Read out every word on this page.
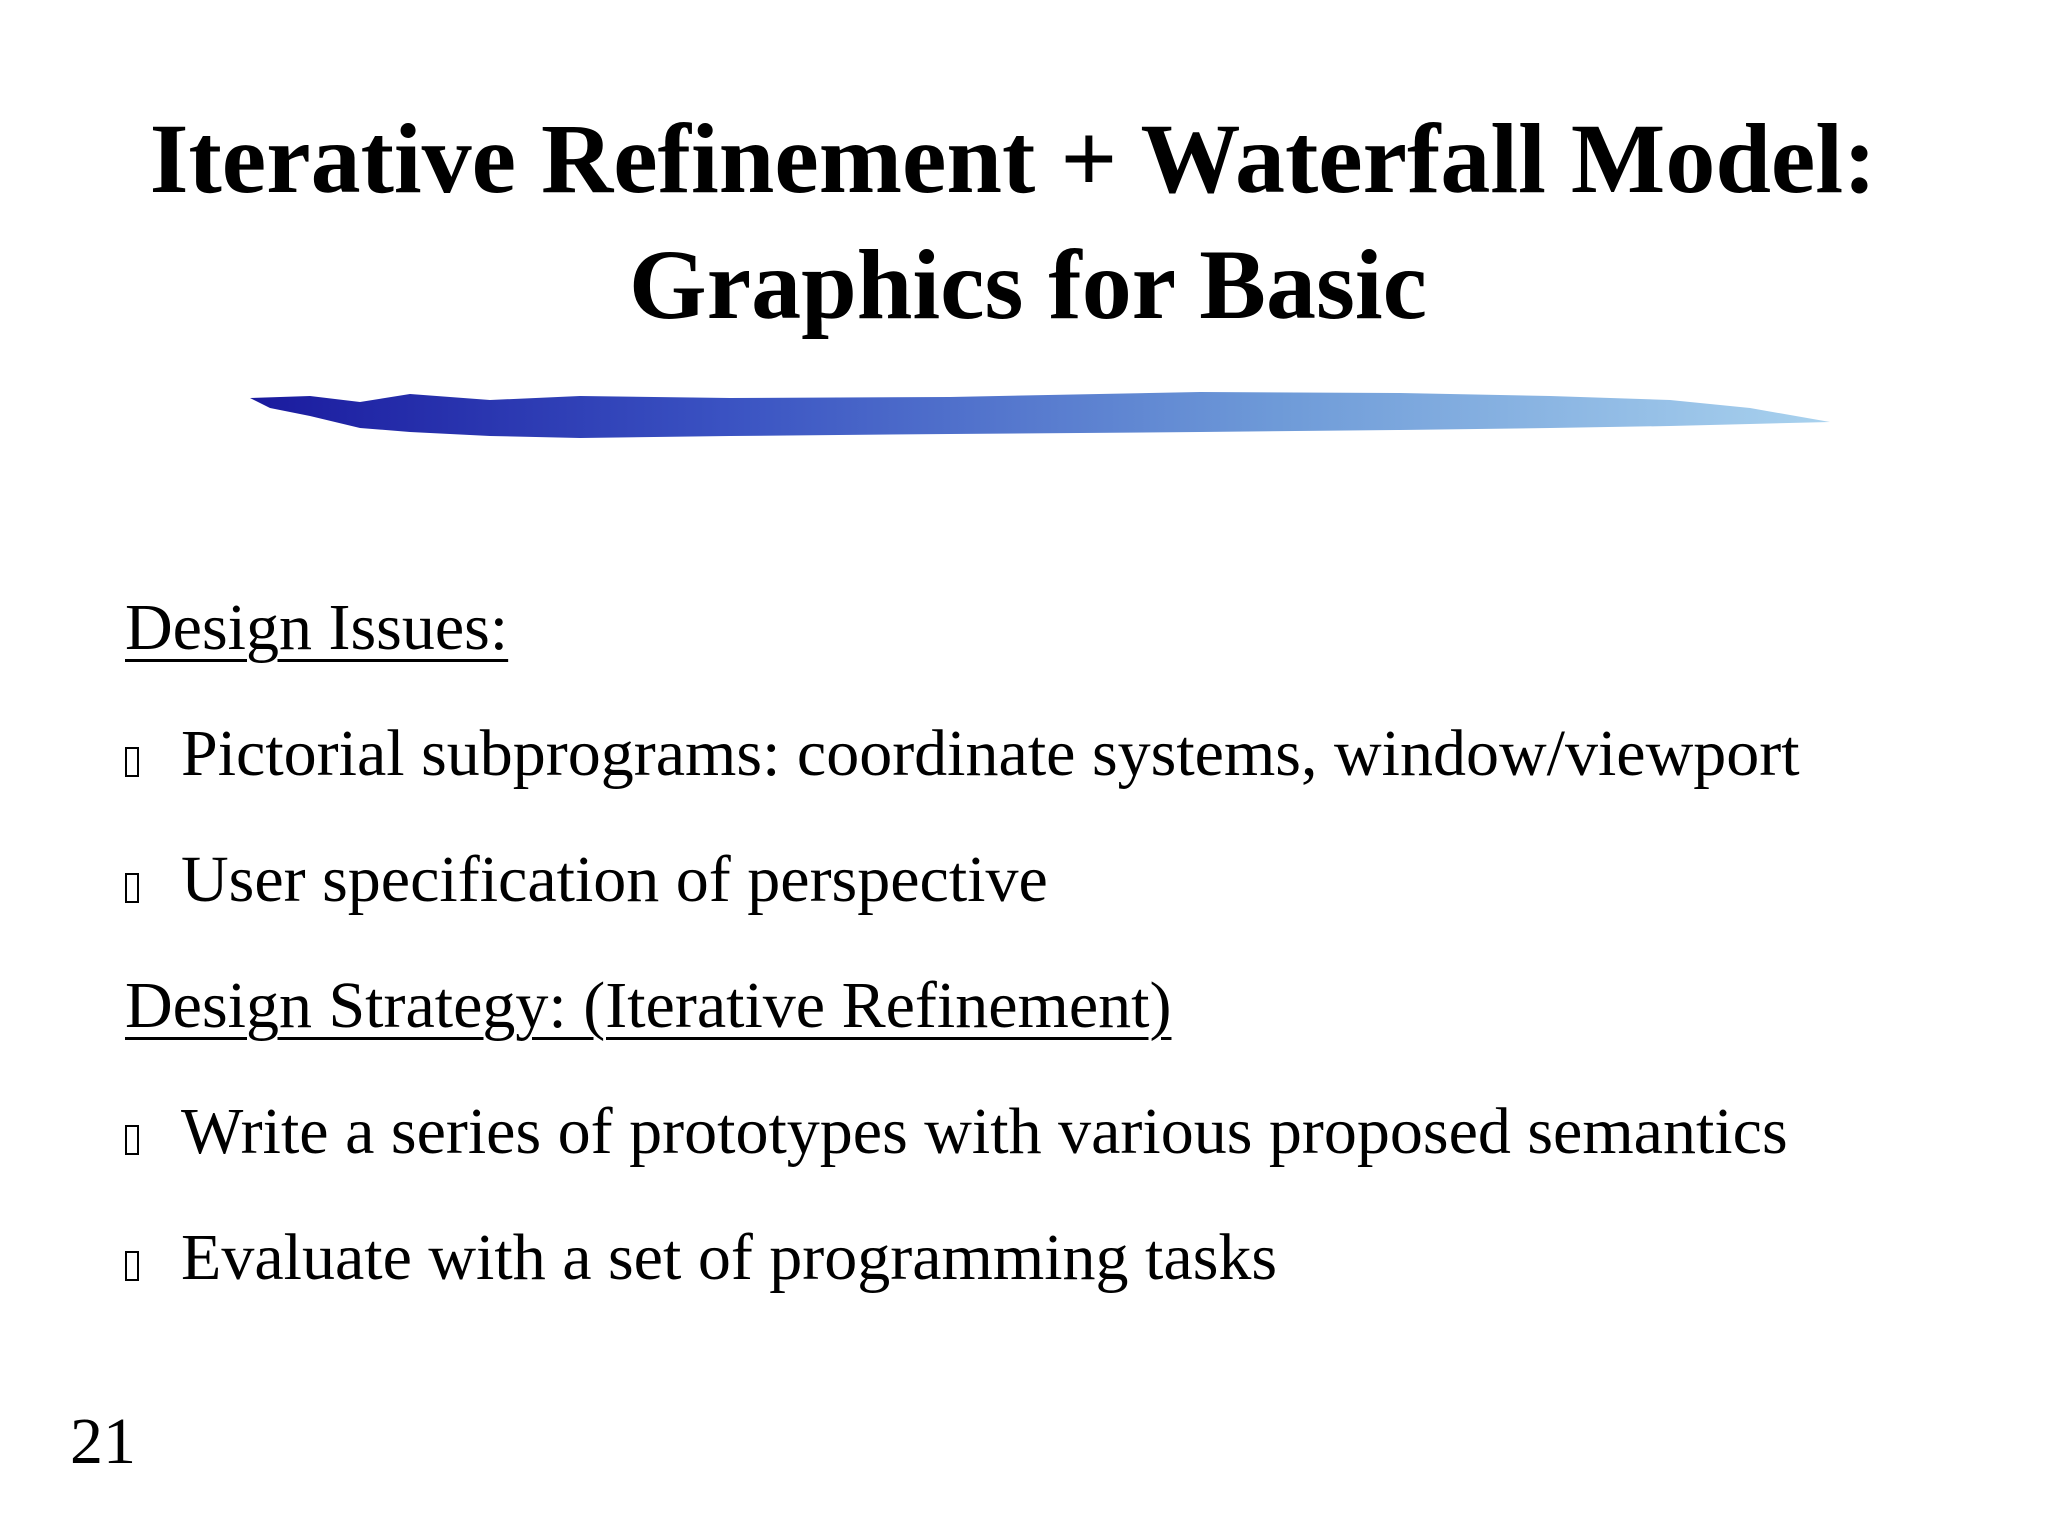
Iterative Refinement + Waterfall Model:
Graphics for Basic
Design Issues:
Pictorial subprograms: coordinate systems, window/viewport
User specification of perspective
Design Strategy: (Iterative Refinement)
Write a series of prototypes with various proposed semantics
Evaluate with a set of programming tasks
21
